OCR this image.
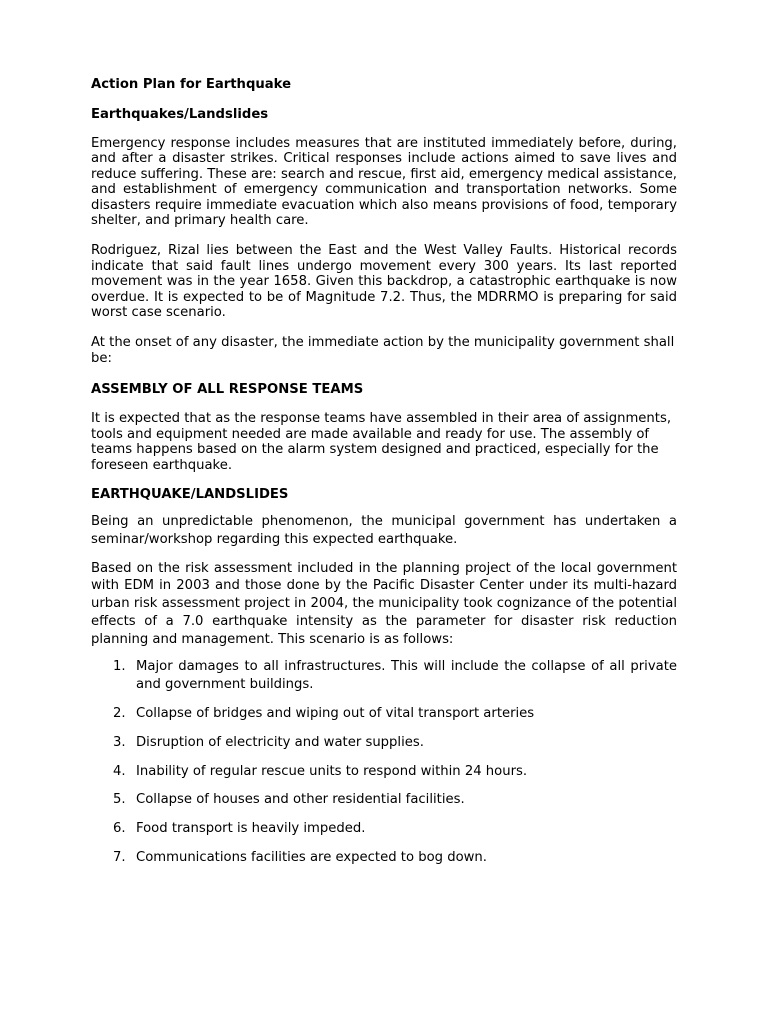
Action Plan for Earthquake
Earthquakes/Landslides

Emergency response includes measures that are instituted immediately before, during, and after a disaster strikes. Critical responses include actions aimed to save lives and reduce suffering. These are: search and rescue, first aid, emergency medical assistance, and establishment of emergency communication and transportation networks. Some disasters require immediate evacuation which also means provisions of food, temporary shelter, and primary health care.

Rodriguez, Rizal lies between the East and the West Valley Faults. Historical records indicate that said fault lines undergo movement every 300 years. Its last reported movement was in the year 1658. Given this backdrop, a catastrophic earthquake is now overdue. It is expected to be of Magnitude 7.2. Thus, the MDRRMO is preparing for said worst case scenario.

At the onset of any disaster, the immediate action by the municipality government shall be:

ASSEMBLY OF ALL RESPONSE TEAMS

It is expected that as the response teams have assembled in their area of assignments, tools and equipment needed are made available and ready for use. The assembly of teams happens based on the alarm system designed and practiced, especially for the foreseen earthquake.

EARTHQUAKE/LANDSLIDES

Being an unpredictable phenomenon, the municipal government has undertaken a seminar/workshop regarding this expected earthquake.

Based on the risk assessment included in the planning project of the local government with EDM in 2003 and those done by the Pacific Disaster Center under its multi-hazard urban risk assessment project in 2004, the municipality took cognizance of the potential effects of a 7.0 earthquake intensity as the parameter for disaster risk reduction planning and management. This scenario is as follows:

1. Major damages to all infrastructures. This will include the collapse of all private and government buildings.
2. Collapse of bridges and wiping out of vital transport arteries
3. Disruption of electricity and water supplies.
4. Inability of regular rescue units to respond within 24 hours.
5. Collapse of houses and other residential facilities.
6. Food transport is heavily impeded.
7. Communications facilities are expected to bog down.
